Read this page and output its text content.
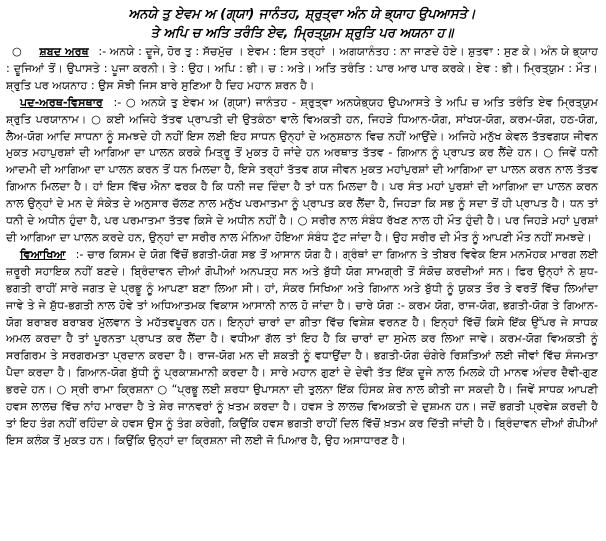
ਅਨਯੇ ਤੁ ਏਵਮ ਅ (ਗ੍ਯਾ) ਜਾਨੰਤਹ, ਸ਼੍ਰੁਤ੍ਵਾ ਅੰਨ ਯੇ ਭ੍ਯਾਹ ਉਪਆਸਤੇ।
ਤੇ ਅਪਿ ਚ ਅਤਿ ਤਰੰਤਿ ਏਵ, ਮ੍ਰਿਤ੍ਯੁਮ ਸ਼੍ਰੁਤਿ ਪਰ ਅਯਨਾ ਹ॥

○ ਸ਼ਬਦ ਅਰਥ :- ਅਨਯੇ : ਦੂਜੇ, ਹੋਰ ਤੁ : ਸੱਚਮੁੱਚ । ਏਵਮ : ਇਸ ਤਰ੍ਹਾਂ । ਅਗਯਾਨੰਤਹ : ਨਾ ਜਾਣਦੇ ਹੋਏ। ਸ਼ੁਤਵਾ : ਸੁਣ ਕੇ। ਅੰਨ ਯੇ ਭ੍ਯਾਹ : ਦੂਜਿਆਂ ਤੋਂ। ਉਪਾਸਤੇ : ਪੂਜਾ ਕਰਨੀ। ਤੇ : ਉਹ। ਅਪਿ : ਭੀ। ਚ : ਅਤੇ। ਅਤਿ ਤਰੰਤਿ : ਪਾਰ ਆਰ ਪਾਰ ਕਰਕੇ। ਏਵ : ਭੀ। ਮ੍ਰਿਤ੍ਯੁਮ : ਮੌਤ। ਸ਼੍ਰੁਤਿ ਪਰ ਅਯਨਾਹ : ਉਸ ਸੋਝੀ ਜਿਸ ਬਾਰੇ ਸੁਣਿਆ ਹੈ ਦਿਹ ਮਹਾਨ ਸ਼ਰਨ ਹੈ।

ਪਦ-ਅਰਥ-ਵਿਸਥਾਰ :- ○ ਅਨਯੇ ਤੁ ਏਵਮ ਅ (ਗ੍ਯਾ) ਜਾਨੰਤਹ - ਸ਼੍ਰੁਤ੍ਵਾ ਅਨਯੇਭ੍ਯਹ ਉਪਆਸਤੇ ਤੇ ਅਪਿ ਚ ਅਤਿ ਤਰੰਤਿ ਏਵ ਮ੍ਰਿਤ੍ਯੁਮ ਸ਼੍ਰੁਤਿ ਪਰਯਾਨਾਮ। ○ ਕਈ ਅਜਿਹੇ ਤੱਤਵ ਪ੍ਰਾਪਤੀ ਦੀ ਉਤਕੰਠਾ ਵਾਲੇ ਵਿਅਕਤੀ ਹਨ, ਜਿਹੜੇ ਧਿਆਨ-ਯੋਗ, ਸਾਂਖਯ-ਯੋਗ, ਕਰਮ-ਯੋਗ, ਹਠ-ਯੋਗ, ਲੈਅ-ਯੋਗ ਆਦਿ ਸਾਧਨਾ ਨੂੰ ਸਮਝਦੇ ਹੀ ਨਹੀਂ ਇਸ ਲਈ ਇਹ ਸਾਧਨ ਉਨ੍ਹਾਂ ਦੇ ਅਨੁਸ਼ਠਾਨ ਵਿਚ ਨਹੀਂ ਆਉਂਦੇ। ਅਜਿਹੇ ਮਨੁੱਖ ਕੇਵਲ ਤੱਤਵਗਯ ਜੀਵਨ ਮੁਕਤ ਮਹਾਪੁਰਸ਼ਾਂ ਦੀ ਆਗਿਆ ਦਾ ਪਾਲਨ ਕਰਕੇ ਮਿਤ੍ਰੂ ਤੋਂ ਮੁਕਤ ਹੋ ਜਾਂਦੇ ਹਨ ਅਰਥਾਤ ਤੱਤਵ - ਗਿਆਨ ਨੂੰ ਪ੍ਰਾਪਤ ਕਰ ਲੈਂਦੇ ਹਨ। ○ ਜਿਵੇਂ ਧਨੀ ਆਦਮੀ ਦੀ ਆਗਿਆ ਦਾ ਪਾਲਨ ਕਰਨ ਤੋਂ ਧਨ ਮਿਲਦਾ ਹੈ, ਇਸੇ ਤਰ੍ਹਾਂ ਤੱਤਵ ਗਯ ਜੀਵਨ ਮੁਕਤ ਮਹਾਂਪੁਰਸ਼ਾਂ ਦੀ ਆਗਿਆ ਦਾ ਪਾਲਨ ਕਰਨ ਨਾਲ ਤੱਤਵ ਗਿਆਨ ਮਿਲਦਾ ਹੈ। ਹਾਂ ਇਸ ਵਿੱਚ ਐਨਾ ਫਰਕ ਹੈ ਕਿ ਧਨੀ ਜਦ ਦਿੰਦਾ ਹੈ ਤਾਂ ਧਨ ਮਿਲਦਾ ਹੈ। ਪਰ ਸੰਤ ਮਹਾਂ ਪੁਰਸ਼ਾਂ ਦੀ ਆਗਿਆ ਦਾ ਪਾਲਨ ਕਰਨ ਨਾਲ ਉਨ੍ਹਾਂ ਦੇ ਮਨ ਦੇ ਸੰਕੇਤ ਦੇ ਅਨੁਸਾਰ ਚੱਲਣ ਨਾਲ ਮਨੁੱਖ ਪਰਮਾਤਮਾ ਨੂੰ ਪ੍ਰਾਪਤ ਕਰ ਲੈਂਦਾ ਹੈ, ਜਿਹੜਾ ਕਿ ਸਭ ਨੂੰ ਸਦਾ ਤੋਂ ਹੀ ਪ੍ਰਾਪਤ ਹੈ। ਧਨ ਤਾਂ ਧਨੀ ਦੇ ਅਧੀਨ ਹੁੰਦਾ ਹੈ, ਪਰ ਪਰਮਾਤਮਾ ਤੱਤਵ ਕਿਸੇ ਦੇ ਅਧੀਨ ਨਹੀਂ ਹੈ। ○ ਸਰੀਰ ਨਾਲ ਸੰਬੰਧ ਰੱਖਣ ਨਾਲ ਹੀ ਮੌਤ ਹੁੰਦੀ ਹੈ। ਪਰ ਜਿਹੜੇ ਮਹਾਂ ਪੁਰਸ਼ਾਂ ਦੀ ਆਗਿਆ ਦਾ ਪਾਲਨ ਕਰਦੇ ਹਨ, ਉਨ੍ਹਾਂ ਦਾ ਸਰੀਰ ਨਾਲ ਮੰਨਿਆ ਹੋਇਆ ਸੰਬੰਧ ਟੁੱਟ ਜਾਂਦਾ ਹੈ। ਉਹ ਸਰੀਰ ਦੀ ਮੌਤ ਨੂੰ ਆਪਣੀ ਮੌਤ ਨਹੀਂ ਸਮਝਦੇ।

ਵਿਆਖਿਆ :- ਚਾਰ ਕਿਸਮ ਦੇ ਯੋਗ ਵਿੱਚੋਂ ਭਗਤੀ-ਯੋਗ ਸਭ ਤੋਂ ਆਸਾਨ ਯੋਗ ਹੈ। ਗ੍ਰੰਥਾਂ ਦਾ ਗਿਆਨ ਤੇ ਤੀਬਰ ਵਿਵੇਕ ਇਸ ਮਨਮੋਹਕ ਮਾਰਗ ਲਈ ਜ਼ਰੂਰੀ ਸਹਾਇਕ ਨਹੀਂ ਬਣਦੇ। ਬ੍ਰਿੰਦਾਵਨ ਦੀਆਂ ਗੋਪੀਆਂ ਅਨਪੜ੍ਹ ਸਨ ਅਤੇ ਬੁੱਧੀ ਯੋਗ ਸਾਮਗ੍ਰੀ ਤੋਂ ਸੰਕੋਚ ਕਰਦੀਆਂ ਸਨ। ਫਿਰ ਉਨ੍ਹਾਂ ਨੇ ਸ਼ੁਧ-ਭਗਤੀ ਰਾਹੀਂ ਸਾਰੇ ਜਗਤ ਦੇ ਪ੍ਰਭੂ ਨੂੰ ਆਪਣਾ ਬਣਾ ਲਿਆ ਸੀ। ਹਾਂ, ਸੰਕਰ ਸਿਖਿਆ ਅਤੇ ਗਿਆਨ ਅਤੇ ਬੁੱਧੀ ਨੂੰ ਯੁਕਤ ਤੌਰ ਤੇ ਵਰਤੋਂ ਵਿੱਚ ਲਿਆਂਦਾ ਜਾਵੇ ਤੇ ਜੇ ਸ਼ੁੱਧ-ਭਗਤੀ ਨਾਲ ਹੋਵੇ ਤਾਂ ਅਧਿਆਤਮਕ ਵਿਕਾਸ ਆਸਾਨੀ ਨਾਲ ਹੋ ਜਾਂਦਾ ਹੈ। ਚਾਰੇ ਯੋਗ :- ਕਰਮ ਯੋਗ, ਰਾਜ-ਯੋਗ, ਭਗਤੀ-ਯੋਗ ਤੇ ਗਿਆਨ-ਯੋਗ ਬਰਾਬਰ ਬਰਾਬਰ ਮੁੱਲਵਾਨ ਤੇ ਮਹੱਤਵਪੂਰਨ ਹਨ। ਇਨ੍ਹਾਂ ਚਾਰਾਂ ਦਾ ਗੀਤਾ ਵਿੱਚ ਵਿਸ਼ੇਸ਼ ਵਰਨਣ ਹੈ। ਇਨ੍ਹਾਂ ਵਿੱਚੋਂ ਕਿਸੇ ਇੱਕ ਉੱਪਰ ਜੇ ਸਾਧਕ ਅਮਲ ਕਰਦਾ ਹੈ ਤਾਂ ਪੂਰਨਤਾ ਪ੍ਰਾਪਤ ਕਰ ਲੈਂਦਾ ਹੈ। ਵਧੀਆ ਗੱਲ ਤਾਂ ਇਹ ਹੈ ਕਿ ਚਾਰਾਂ ਦਾ ਸੁਮੇਲ ਕਰ ਲਿਆ ਜਾਵੇ। ਕਰਮ-ਯੋਗ ਵਿਅਕਤੀ ਨੂੰ ਸਰਗਿਰਮ ਤੇ ਸਰਗਰਮਤਾ ਪ੍ਰਦਾਨ ਕਰਦਾ ਹੈ। ਰਾਜ-ਯੋਗ ਮਨ ਦੀ ਸ਼ਕਤੀ ਨੂੰ ਵਧਾਉਂਦਾ ਹੈ। ਭਗਤੀ-ਯੋਗ ਚੰਗੇਰੇ ਰਿਸ਼ਤਿਆਂ ਲਈ ਜੀਵਾਂ ਵਿੱਚ ਸੰਜਮਤਾ ਪੈਦਾ ਕਰਦਾ ਹੈ। ਗਿਆਨ-ਯੋਗ ਬੁੱਧੀ ਨੂੰ ਪ੍ਰਕਾਸ਼ਮਾਨੀ ਕਰਦਾ ਹੈ। ਸਾਰੇ ਮਹਾਨ ਗੁਣਾਂ ਦੇ ਦੇਵੀ ਤੱਤ ਇੱਕ ਦੂਜੇ ਨਾਲ ਮਿਲਕੇ ਹੀ ਮਾਨਵ ਅੰਦਰ ਦੈਵੀ-ਗੁਣ ਭਰਦੇ ਹਨ। ○ ਸ੍ਰੀ ਰਾਮਾ ਕ੍ਰਿਸ਼ਨਾ ○ “ਪ੍ਰਭੂ ਲਈ ਸ਼ਰਧਾ ਉਪਾਸਨਾ ਦੀ ਤੁਲਨਾ ਇੱਕ ਹਿੰਸਕ ਸ਼ੇਰ ਨਾਲ ਕੀਤੀ ਜਾ ਸਕਦੀ ਹੈ। ਜਿਵੇਂ ਸਾਧਕ ਆਪਣੀ ਹਵਸ ਲਾਲਚ ਵਿੱਚ ਨਾਂਹ ਮਾਰਦਾ ਹੈ ਤੇ ਸ਼ੇਰ ਜਾਨਵਰਾਂ ਨੂੰ ਖ਼ਤਮ ਕਰਦਾ ਹੈ। ਹਵਸ ਤੇ ਲਾਲਚ ਵਿਅਕਤੀ ਦੇ ਦੁਸ਼ਮਨ ਹਨ। ਜਦੋਂ ਭਗਤੀ ਪ੍ਰਵੇਸ਼ ਕਰਦੀ ਹੈ ਤਾਂ ਇਹ ਤੰਗ ਨਹੀਂ ਰਹਿੰਦਾ ਕੇ ਹਵਸ ਉਸ ਨੂੰ ਤੰਗ ਕਰੇਗੀ, ਕਿਉਂਕਿ ਹਵਸ ਭਗਤੀ ਰਾਹੀਂ ਦਿਲ ਵਿੱਚੋਂ ਖ਼ਤਮ ਕਰ ਦਿੱਤੀ ਜਾਂਦੀ ਹੈ। ਬ੍ਰਿੰਦਾਵਨ ਦੀਆਂ ਗੋਪੀਆਂ ਇਸ ਕਲੰਕ ਤੋਂ ਮੁਕਤ ਹਨ। ਕਿਉਂਕਿ ਉਨ੍ਹਾਂ ਦਾ ਕ੍ਰਿਸ਼ਨਾ ਜੀ ਲਈ ਜੋ ਪਿਆਰ ਹੈ, ਉਹ ਅਸਾਧਾਰਣ ਹੈ।
